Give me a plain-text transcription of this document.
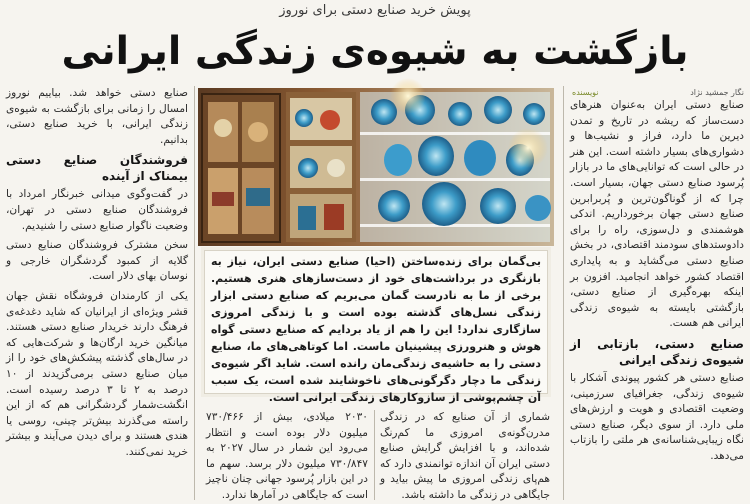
پویش خرید صنایع دستی برای نوروز
بازگشت به شیوه‌ی زندگی ایرانی
نگار جمشید نژاد
نویسنده

صنایع دستی ایران به‌عنوان هنرهای دست‌ساز که ریشه در تاریخ و تمدن دیرین ما دارد، فراز و نشیب‌ها و دشواری‌های بسیار داشته است. این هنر در حالی است که توانایی‌های ما در بازار پُرسود صنایع دستی جهان، بسیار است. چرا که از گوناگون‌ترین و پُربرابرین صنایع دستی جهان برخورداریم. اندکی هوشمندی و دل‌سوزی، راه را برای دادوستدهای سودمند اقتصادی، در بخش صنایع دستی می‌گشاید و به پایداری اقتصاد کشور خواهد انجامید. افزون بر اینکه بهره‌گیری از صنایع دستی، بازگشتی بایسته به شیوه‌ی زندگی ایرانی هم هست.

صنایع دستی، بازتابی از شیوه‌ی زندگی ایرانی

صنایع دستی هر کشور پیوندی آشکار با شیوه‌ی زندگی، جغرافیای سرزمینی، وضعیت اقتصادی و هویت و ارزش‌های ملی دارد. از سوی دیگر، صنایع دستی نگاه زیبایی‌شناسانه‌ی هر ملتی را بازتاب می‌دهد.

صنایع دستی خواهد شد. بیاییم نوروز امسال را زمانی برای بازگشت به شیوه‌ی زندگی ایرانی، با خرید صنایع دستی، بدانیم.

فروشندگان صنایع دستی بیمناک از آینده

در گفت‌وگوی میدانی خبرنگار امرداد با فروشندگان صنایع دستی در تهران، وضعیت ناگوار صنایع دستی را شنیدیم.

سخن مشترک فروشندگان صنایع دستی گلایه از کمبود گردشگران خارجی و نوسان بهای دلار است.

یکی از کارمندان فروشگاه نقش جهان قشر ویژه‌ای از ایرانیان که شاید دغدغه‌ی فرهنگ دارند خریدار صنایع دستی هستند. میانگین خرید ارگان‌ها و شرکت‌هایی که در سال‌های گذشته پیشکش‌های خود را از میان صنایع دستی برمی‌گزیدند از ۱۰ درصد به ۲ تا ۳ درصد رسیده است. انگشت‌شمار گردشگرانی هم که از این راسته می‌گذرند بیش‌تر چینی، روسی یا هندی هستند و برای دیدن می‌آیند و بیشتر خرید نمی‌کنند.

بی‌گمان برای زنده‌ساختن (احیا) صنایع دستی ایران، نیاز به بازنگری در برداشت‌های خود از دست‌سازهای هنری هستیم. برخی از ما به نادرست گمان می‌بریم که صنایع دستی ابزار زندگی نسل‌های گذشته بوده است و با زندگی امروزی سازگاری ندارد! این را هم از یاد بردایم که صنایع دستی گواه هوش و هنرورزی پیشینیان ماست. اما کوتاهی‌های ما، صنایع دستی را به حاشیه‌ی زندگی‌مان رانده است. شاید اگر شیوه‌ی زندگی ما دچار دگرگونی‌های ناخوشایند شده است، یک سبب آن چشم‌پوشی از سازوکارهای زندگی ایرانی است.
۲۰۳۰ میلادی، بیش از ۷۳۰/۴۶۶ میلیون دلار بوده است و انتظار می‌رود این شمار در سال ۲۰۲۷ به ۷۳۰/۸۴۷ میلیون دلار برسد. سهم ما در این بازار پُرسود جهانی چنان ناچیز است که جایگاهی در آمارها ندارد.
شماری از آن صنایع که در زندگی مدرن‌گونه‌ی امروزی ما کم‌رنگ شده‌اند، و با افزایش گرایش صنایع دستی ایران آن اندازه توانمندی دارد که هم‌پای زندگی امروزی ما پیش بیاید و جایگاهی در زندگی ما داشته باشد.
